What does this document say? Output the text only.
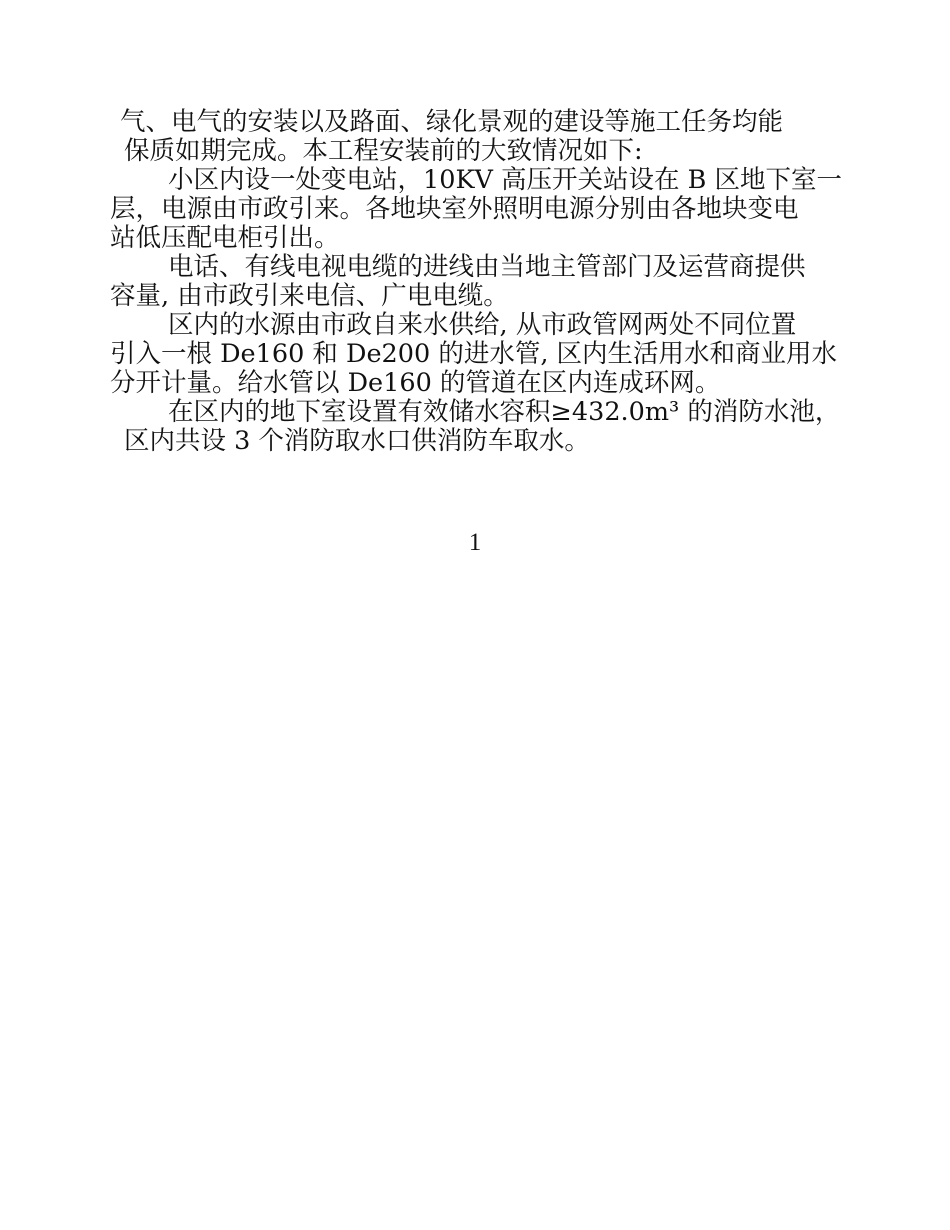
气、电气的安装以及路面、绿化景观的建设等施工任务均能
保质如期完成。本工程安装前的大致情况如下:
小区内设一处变电站，10KV 高压开关站设在 B 区地下室一
层，电源由市政引来。各地块室外照明电源分别由各地块变电
站低压配电柜引出。
电话、有线电视电缆的进线由当地主管部门及运营商提供
容量, 由市政引来电信、广电电缆。
区内的水源由市政自来水供给, 从市政管网两处不同位置
引入一根 De160 和 De200 的进水管, 区内生活用水和商业用水
分开计量。给水管以 De160 的管道在区内连成环网。
在区内的地下室设置有效储水容积≥432.0m³ 的消防水池，
区内共设 3 个消防取水口供消防车取水。
1
